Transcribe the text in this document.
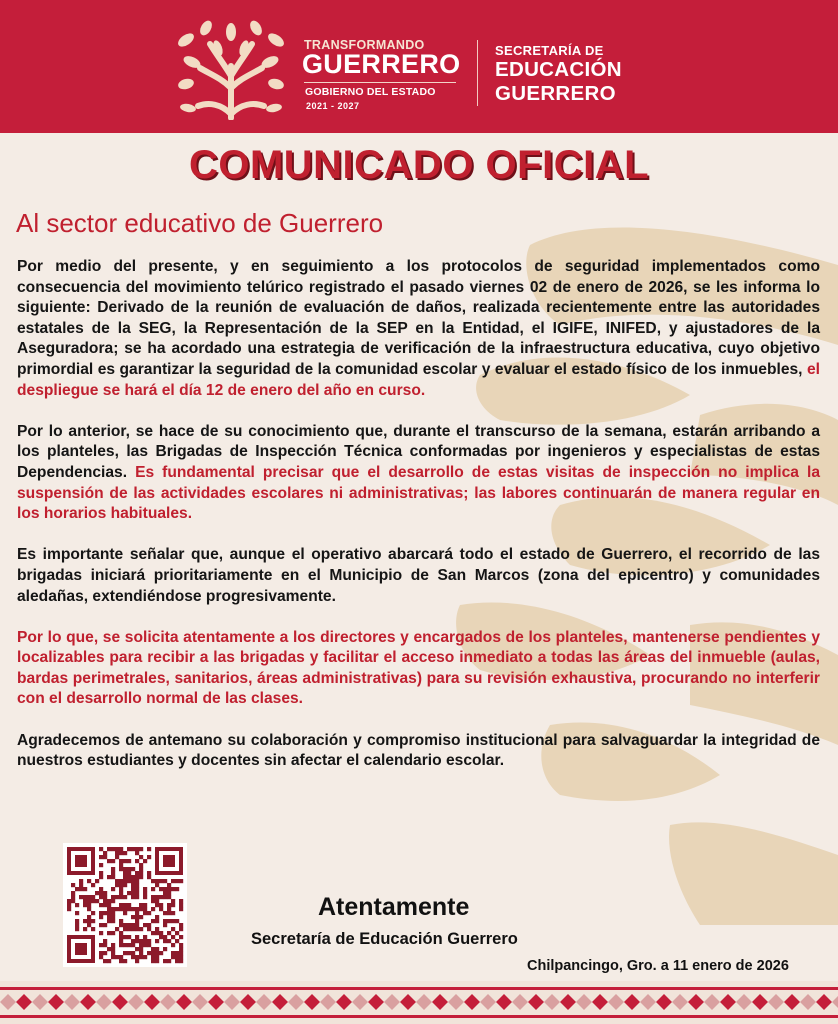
TRANSFORMANDO
GUERRERO
GOBIERNO DEL ESTADO
2021 - 2027
SECRETARÍA DE
EDUCACIÓN
GUERRERO
COMUNICADO OFICIAL
Al sector educativo de Guerrero

Por medio del presente, y en seguimiento a los protocolos de seguridad implementados como consecuencia del movimiento telúrico registrado el pasado viernes 02 de enero de 2026, se les informa lo siguiente: Derivado de la reunión de evaluación de daños, realizada recientemente entre las autoridades estatales de la SEG, la Representación de la SEP en la Entidad, el IGIFE, INIFED, y ajustadores de la Aseguradora; se ha acordado una estrategia de verificación de la infraestructura educativa, cuyo objetivo primordial es garantizar la seguridad de la comunidad escolar y evaluar el estado físico de los inmuebles, el despliegue se hará el día 12 de enero del año en curso.

Por lo anterior, se hace de su conocimiento que, durante el transcurso de la semana, estarán arribando a los planteles, las Brigadas de Inspección Técnica conformadas por ingenieros y especialistas de estas Dependencias. Es fundamental precisar que el desarrollo de estas visitas de inspección no implica la suspensión de las actividades escolares ni administrativas; las labores continuarán de manera regular en los horarios habituales.

Es importante señalar que, aunque el operativo abarcará todo el estado de Guerrero, el recorrido de las brigadas iniciará prioritariamente en el Municipio de San Marcos (zona del epicentro) y comunidades aledañas, extendiéndose progresivamente.

Por lo que, se solicita atentamente a los directores y encargados de los planteles, mantenerse pendientes y localizables para recibir a las brigadas y facilitar el acceso inmediato a todas las áreas del inmueble (aulas, bardas perimetrales, sanitarios, áreas administrativas) para su revisión exhaustiva, procurando no interferir con el desarrollo normal de las clases.

Agradecemos de antemano su colaboración y compromiso institucional para salvaguardar la integridad de nuestros estudiantes y docentes sin afectar el calendario escolar.

Atentamente
Secretaría de Educación Guerrero
Chilpancingo, Gro. a 11 enero de 2026
